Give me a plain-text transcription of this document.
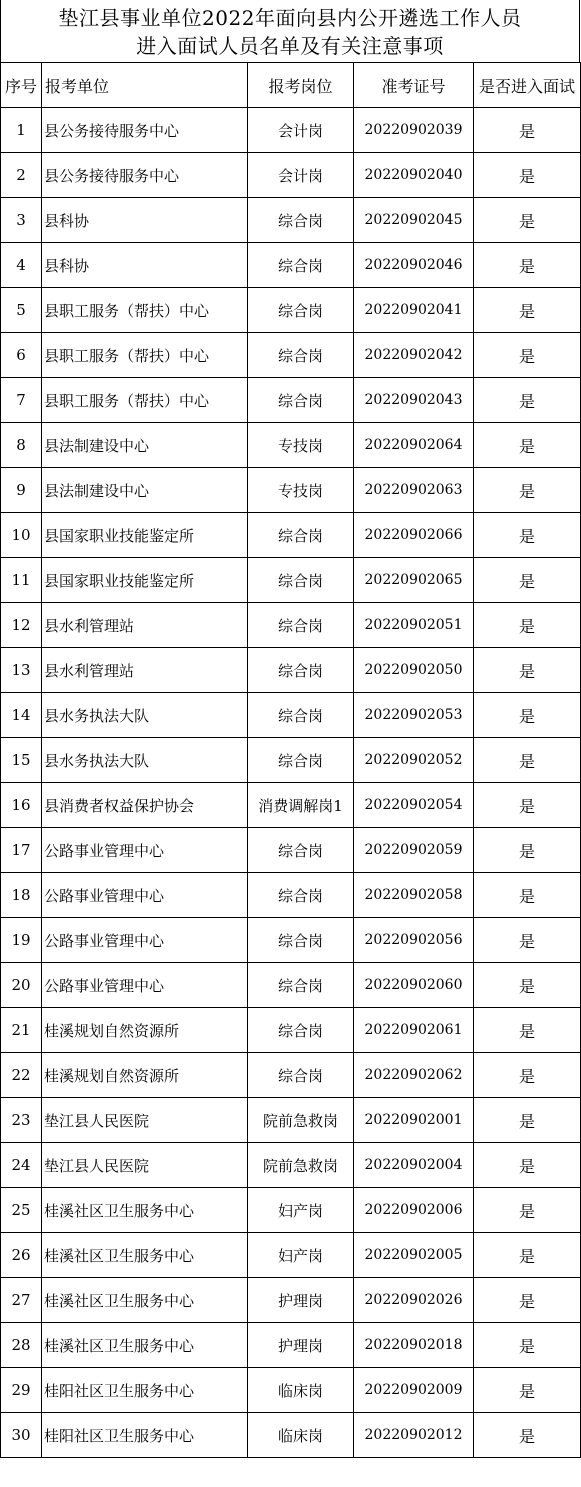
垫江县事业单位2022年面向县内公开遴选工作人员
进入面试人员名单及有关注意事项
序号	报考单位	报考岗位	准考证号	是否进入面试
1	县公务接待服务中心	会计岗	20220902039	是
2	县公务接待服务中心	会计岗	20220902040	是
3	县科协	综合岗	20220902045	是
4	县科协	综合岗	20220902046	是
5	县职工服务（帮扶）中心	综合岗	20220902041	是
6	县职工服务（帮扶）中心	综合岗	20220902042	是
7	县职工服务（帮扶）中心	综合岗	20220902043	是
8	县法制建设中心	专技岗	20220902064	是
9	县法制建设中心	专技岗	20220902063	是
10	县国家职业技能鉴定所	综合岗	20220902066	是
11	县国家职业技能鉴定所	综合岗	20220902065	是
12	县水利管理站	综合岗	20220902051	是
13	县水利管理站	综合岗	20220902050	是
14	县水务执法大队	综合岗	20220902053	是
15	县水务执法大队	综合岗	20220902052	是
16	县消费者权益保护协会	消费调解岗1	20220902054	是
17	公路事业管理中心	综合岗	20220902059	是
18	公路事业管理中心	综合岗	20220902058	是
19	公路事业管理中心	综合岗	20220902056	是
20	公路事业管理中心	综合岗	20220902060	是
21	桂溪规划自然资源所	综合岗	20220902061	是
22	桂溪规划自然资源所	综合岗	20220902062	是
23	垫江县人民医院	院前急救岗	20220902001	是
24	垫江县人民医院	院前急救岗	20220902004	是
25	桂溪社区卫生服务中心	妇产岗	20220902006	是
26	桂溪社区卫生服务中心	妇产岗	20220902005	是
27	桂溪社区卫生服务中心	护理岗	20220902026	是
28	桂溪社区卫生服务中心	护理岗	20220902018	是
29	桂阳社区卫生服务中心	临床岗	20220902009	是
30	桂阳社区卫生服务中心	临床岗	20220902012	是
